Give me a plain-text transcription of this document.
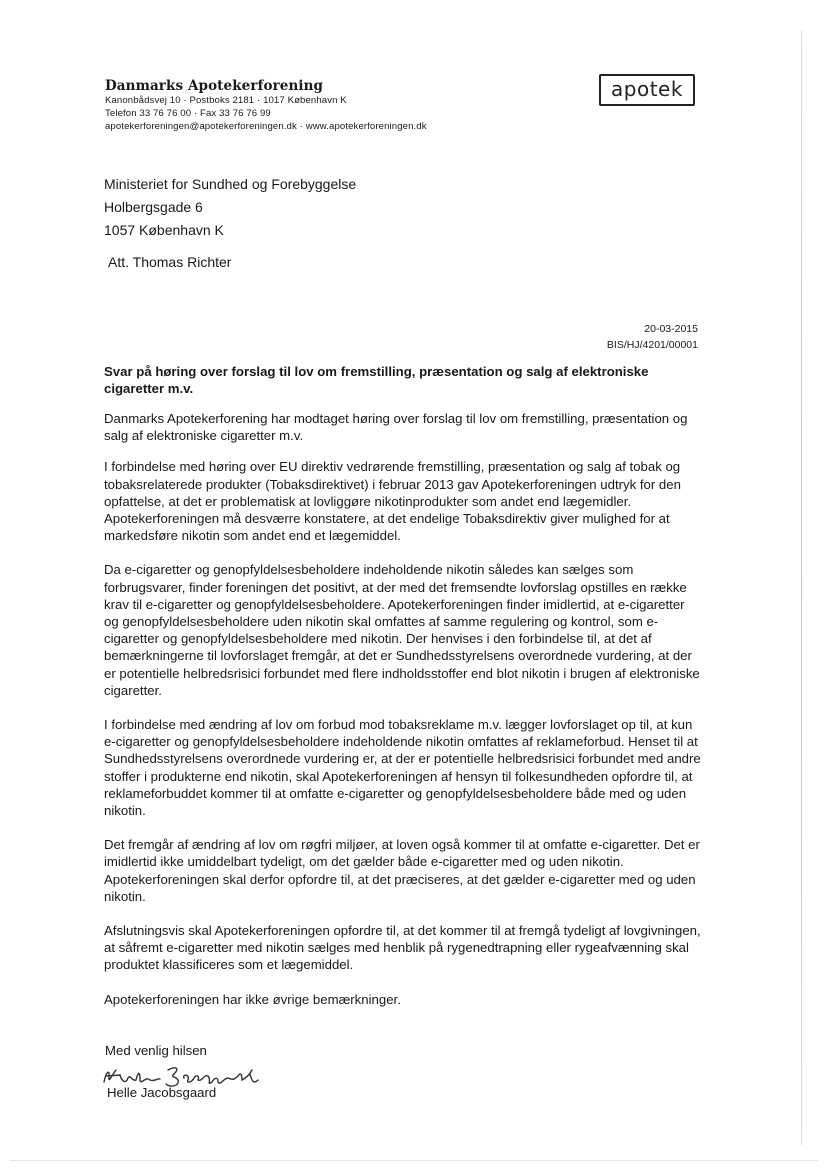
Danmarks Apotekerforening
Kanonbådsvej 10 · Postboks 2181 · 1017 København K
Telefon 33 76 76 00 · Fax 33 76 76 99
apotekerforeningen@apotekerforeningen.dk · www.apotekerforeningen.dk
apotek
Ministeriet for Sundhed og Forebyggelse
Holbergsgade 6
1057 København K
Att. Thomas Richter
20-03-2015
BIS/HJ/4201/00001
Svar på høring over forslag til lov om fremstilling, præsentation og salg af elektroniske cigaretter m.v.

Danmarks Apotekerforening har modtaget høring over forslag til lov om fremstilling, præsentation og salg af elektroniske cigaretter m.v.

I forbindelse med høring over EU direktiv vedrørende fremstilling, præsentation og salg af tobak og tobaksrelaterede produkter (Tobaksdirektivet) i februar 2013 gav Apotekerforeningen udtryk for den opfattelse, at det er problematisk at lovliggøre nikotinprodukter som andet end lægemidler. Apotekerforeningen må desværre konstatere, at det endelige Tobaksdirektiv giver mulighed for at markedsføre nikotin som andet end et lægemiddel.

Da e-cigaretter og genopfyldelsesbeholdere indeholdende nikotin således kan sælges som forbrugsvarer, finder foreningen det positivt, at der med det fremsendte lovforslag opstilles en række krav til e-cigaretter og genopfyldelsesbeholdere. Apotekerforeningen finder imidlertid, at e-cigaretter og genopfyldelsesbeholdere uden nikotin skal omfattes af samme regulering og kontrol, som e-cigaretter og genopfyldelsesbeholdere med nikotin. Der henvises i den forbindelse til, at det af bemærkningerne til lovforslaget fremgår, at det er Sundhedsstyrelsens overordnede vurdering, at der er potentielle helbredsrisici forbundet med flere indholdsstoffer end blot nikotin i brugen af elektroniske cigaretter.

I forbindelse med ændring af lov om forbud mod tobaksreklame m.v. lægger lovforslaget op til, at kun e-cigaretter og genopfyldelsesbeholdere indeholdende nikotin omfattes af reklameforbud. Henset til at Sundhedsstyrelsens overordnede vurdering er, at der er potentielle helbredsrisici forbundet med andre stoffer i produkterne end nikotin, skal Apotekerforeningen af hensyn til folkesundheden opfordre til, at reklameforbuddet kommer til at omfatte e-cigaretter og genopfyldelsesbeholdere både med og uden nikotin.

Det fremgår af ændring af lov om røgfri miljøer, at loven også kommer til at omfatte e-cigaretter. Det er imidlertid ikke umiddelbart tydeligt, om det gælder både e-cigaretter med og uden nikotin. Apotekerforeningen skal derfor opfordre til, at det præciseres, at det gælder e-cigaretter med og uden nikotin.

Afslutningsvis skal Apotekerforeningen opfordre til, at det kommer til at fremgå tydeligt af lovgivningen, at såfremt e-cigaretter med nikotin sælges med henblik på rygenedtrapning eller rygeafvænning skal produktet klassificeres som et lægemiddel.

Apotekerforeningen har ikke øvrige bemærkninger.

Med venlig hilsen
Helle Jacobsgaard
